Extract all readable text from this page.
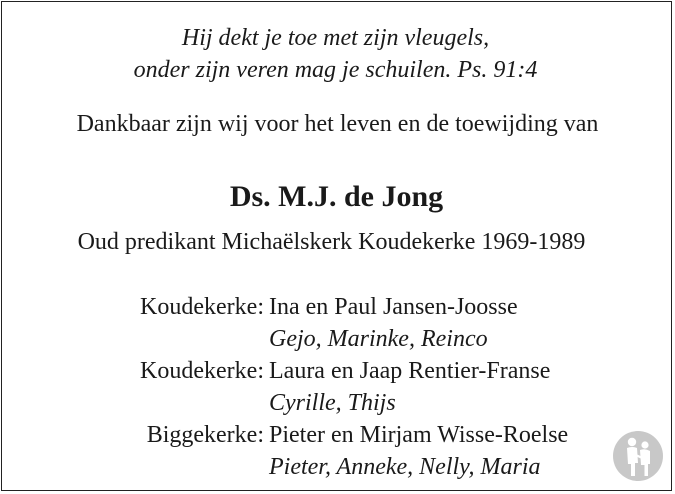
Hij dekt je toe met zijn vleugels,
onder zijn veren mag je schuilen. Ps. 91:4
Dankbaar zijn wij voor het leven en de toewijding van
Ds. M.J. de Jong
Oud predikant Michaëlskerk Koudekerke 1969-1989
Koudekerke: Ina en Paul Jansen-Joosse
Gejo, Marinke, Reinco
Koudekerke: Laura en Jaap Rentier-Franse
Cyrille, Thijs
Biggekerke: Pieter en Mirjam Wisse-Roelse
Pieter, Anneke, Nelly, Maria
